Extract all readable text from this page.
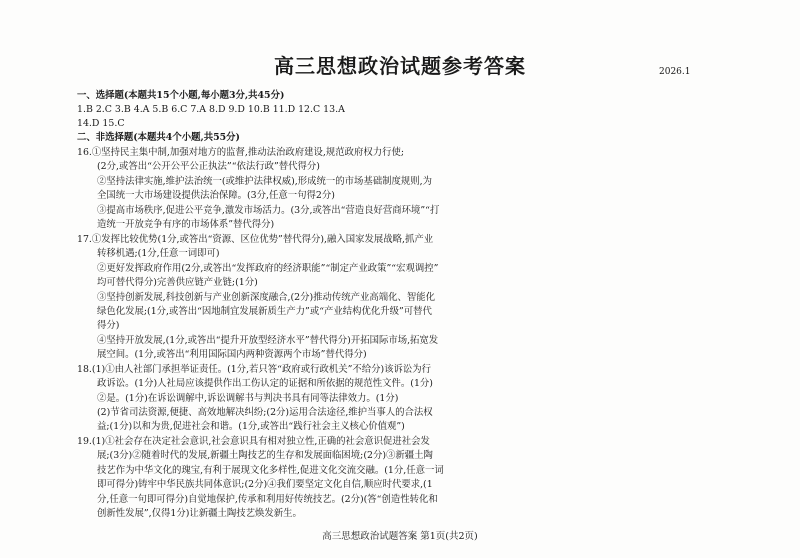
高三思想政治试题参考答案	2026.1
一、选择题(本题共15个小题,每小题3分,共45分)
1.B 2.C 3.B 4.A 5.B 6.C 7.A 8.D 9.D 10.B 11.D 12.C 13.A
14.D 15.C
二、非选择题(本题共4个小题,共55分)
16.①坚持民主集中制,加强对地方的监督,推动法治政府建设,规范政府权力行使;
(2分,或答出“公开公平公正执法”“依法行政”替代得分)
②坚持法律实施,维护法治统一(或维护法律权威),形成统一的市场基础制度规则,为
全国统一大市场建设提供法治保障。(3分,任意一句得2分)
③提高市场秩序,促进公平竞争,激发市场活力。(3分,或答出“营造良好营商环境”“打
造统一开放竞争有序的市场体系”替代得分)
17.①发挥比较优势(1分,或答出“资源、区位优势”替代得分),融入国家发展战略,抓产业
转移机遇;(1分,任意一词即可)
②更好发挥政府作用(2分,或答出“发挥政府的经济职能”“制定产业政策”“宏观调控”
均可替代得分)完善供应链产业链;(1分)
③坚持创新发展,科技创新与产业创新深度融合,(2分)推动传统产业高端化、智能化
绿色化发展;(1分,或答出“因地制宜发展新质生产力”或“产业结构优化升级”可替代
得分)
④坚持开放发展,(1分,或答出“提升开放型经济水平”替代得分)开拓国际市场,拓宽发
展空间。(1分,或答出“利用国际国内两种资源两个市场”替代得分)
18.(1)①由人社部门承担举证责任。(1分,若只答“政府或行政机关”不给分)该诉讼为行
政诉讼。(1分)人社局应该提供作出工伤认定的证据和所依据的规范性文件。(1分)
②是。(1分)在诉讼调解中,诉讼调解书与判决书具有同等法律效力。(1分)
(2)节省司法资源,便捷、高效地解决纠纷;(2分)运用合法途径,维护当事人的合法权
益;(1分)以和为贵,促进社会和谐。(1分,或答出“践行社会主义核心价值观”)
19.(1)①社会存在决定社会意识,社会意识具有相对独立性,正确的社会意识促进社会发
展;(3分)②随着时代的发展,新疆土陶技艺的生存和发展面临困境;(2分)③新疆土陶
技艺作为中华文化的瑰宝,有利于展现文化多样性,促进文化交流交融。(1分,任意一词
即可得分)铸牢中华民族共同体意识;(2分)④我们要坚定文化自信,顺应时代要求,(1
分,任意一句即可得分)自觉地保护,传承和利用好传统技艺。(2分)(答“创造性转化和
创新性发展”,仅得1分)让新疆土陶技艺焕发新生。
高三思想政治试题答案 第1页(共2页)
